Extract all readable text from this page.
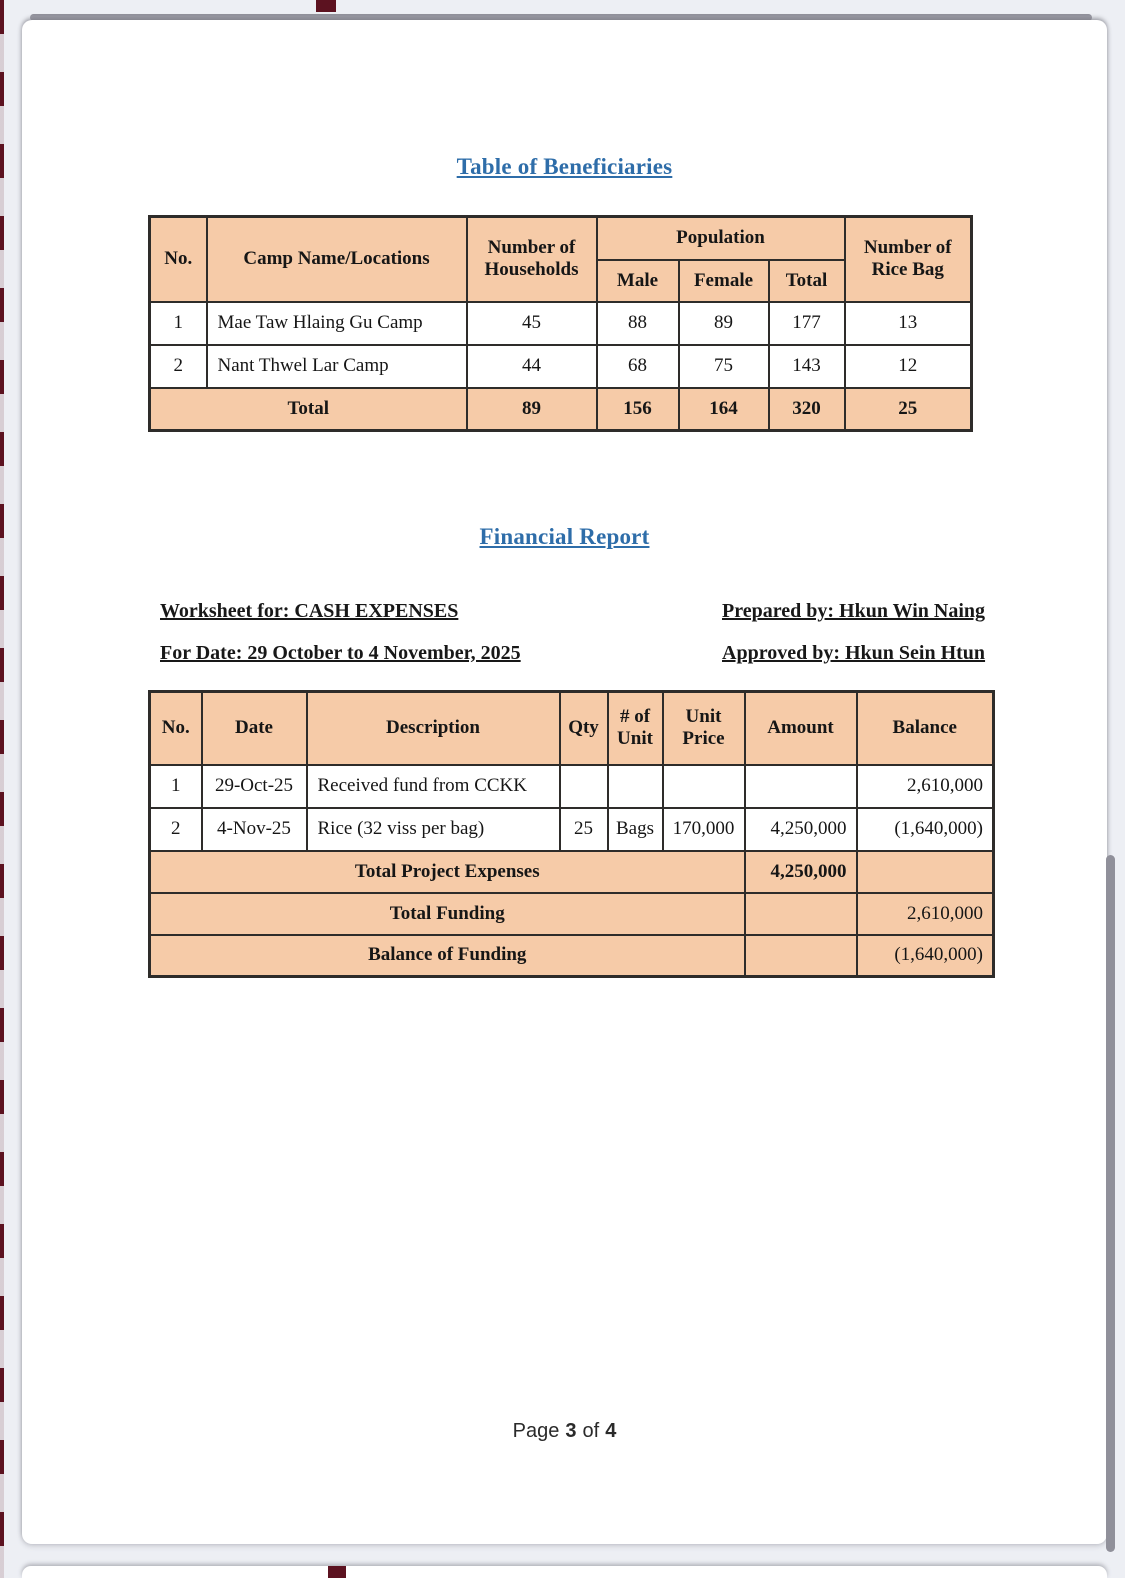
Table of Beneficiaries
No.	Camp Name/Locations	Number of Households	Population			Number of Rice Bag
			Male	Female	Total	
1	Mae Taw Hlaing Gu Camp	45	88	89	177	13
2	Nant Thwel Lar Camp	44	68	75	143	12
Total		89	156	164	320	25
Financial Report
Worksheet for: CASH EXPENSES
For Date: 29 October to 4 November, 2025
Prepared by: Hkun Win Naing
Approved by: Hkun Sein Htun
No.	Date	Description	Qty	# of Unit	Unit Price	Amount	Balance
1	29-Oct-25	Received fund from CCKK					2,610,000
2	4-Nov-25	Rice (32 viss per bag)	25	Bags	170,000	4,250,000	(1,640,000)
Total Project Expenses						4,250,000	
Total Funding							2,610,000
Balance of Funding							(1,640,000)
Page 3 of 4
